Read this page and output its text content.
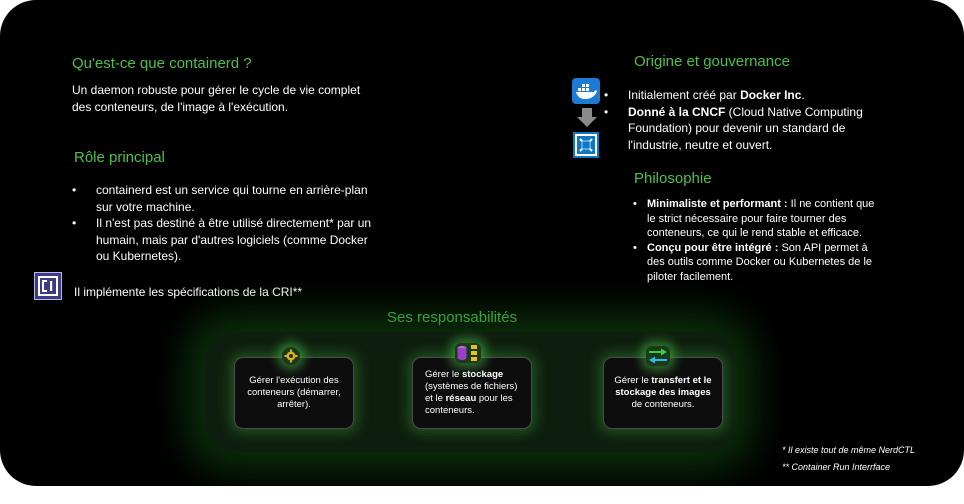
Qu'est-ce que containerd ?
Un daemon robuste pour gérer le cycle de vie complet des conteneurs, de l'image à l'exécution.
Rôle principal
• containerd est un service qui tourne en arrière-plan sur votre machine.
• Il n'est pas destiné à être utilisé directement* par un humain, mais par d'autres logiciels (comme Docker ou Kubernetes).
Il implémente les spécifications de la CRI**
Origine et gouvernance
• Initialement créé par Docker Inc.
• Donné à la CNCF (Cloud Native Computing Foundation) pour devenir un standard de l'industrie, neutre et ouvert.
Philosophie
• Minimaliste et performant : Il ne contient que le strict nécessaire pour faire tourner des conteneurs, ce qui le rend stable et efficace.
• Conçu pour être intégré : Son API permet à des outils comme Docker ou Kubernetes de le piloter facilement.
Ses responsabilités
Gérer l'exécution des conteneurs (démarrer, arrêter).
Gérer le stockage (systèmes de fichiers) et le réseau pour les conteneurs.
Gérer le transfert et le stockage des images de conteneurs.
* Il existe tout de même NerdCTL
** Container Run Interrface
